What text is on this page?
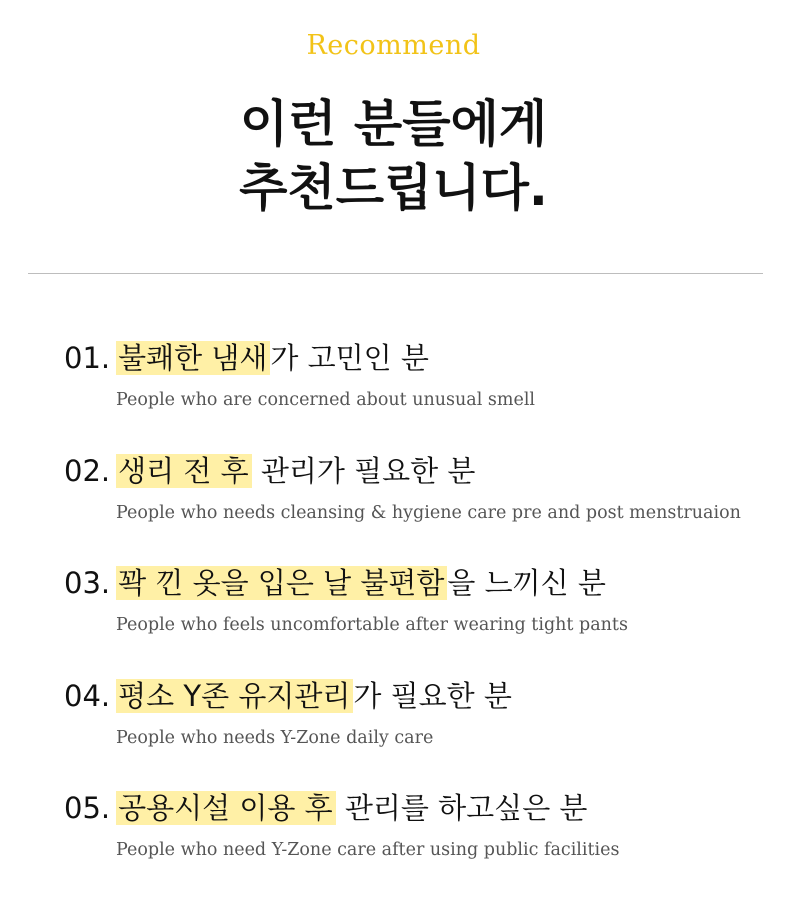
Recommend
이런 분들에게
추천드립니다.
01. 불쾌한 냄새 가 고민인 분
People who are concerned about unusual smell
02. 생리 전 후 관리가 필요한 분
People who needs cleansing & hygiene care pre and post menstruaion
03. 꽉 낀 옷을 입은 날 불편함 을 느끼신 분
People who feels uncomfortable after wearing tight pants
04. 평소 Y존 유지관리 가 필요한 분
People who needs Y-Zone daily care
05. 공용시설 이용 후 관리를 하고싶은 분
People who need Y-Zone care after using public facilities
